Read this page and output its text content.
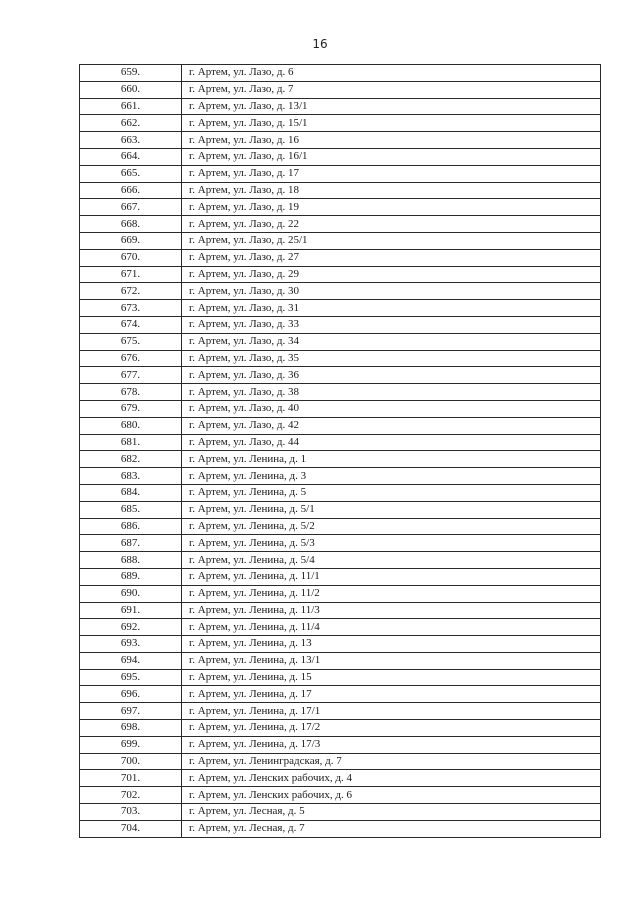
16
659.	г. Артем, ул. Лазо, д. 6
660.	г. Артем, ул. Лазо, д. 7
661.	г. Артем, ул. Лазо, д. 13/1
662.	г. Артем, ул. Лазо, д. 15/1
663.	г. Артем, ул. Лазо, д. 16
664.	г. Артем, ул. Лазо, д. 16/1
665.	г. Артем, ул. Лазо, д. 17
666.	г. Артем, ул. Лазо, д. 18
667.	г. Артем, ул. Лазо, д. 19
668.	г. Артем, ул. Лазо, д. 22
669.	г. Артем, ул. Лазо, д. 25/1
670.	г. Артем, ул. Лазо, д. 27
671.	г. Артем, ул. Лазо, д. 29
672.	г. Артем, ул. Лазо, д. 30
673.	г. Артем, ул. Лазо, д. 31
674.	г. Артем, ул. Лазо, д. 33
675.	г. Артем, ул. Лазо, д. 34
676.	г. Артем, ул. Лазо, д. 35
677.	г. Артем, ул. Лазо, д. 36
678.	г. Артем, ул. Лазо, д. 38
679.	г. Артем, ул. Лазо, д. 40
680.	г. Артем, ул. Лазо, д. 42
681.	г. Артем, ул. Лазо, д. 44
682.	г. Артем, ул. Ленина, д. 1
683.	г. Артем, ул. Ленина, д. 3
684.	г. Артем, ул. Ленина, д. 5
685.	г. Артем, ул. Ленина, д. 5/1
686.	г. Артем, ул. Ленина, д. 5/2
687.	г. Артем, ул. Ленина, д. 5/3
688.	г. Артем, ул. Ленина, д. 5/4
689.	г. Артем, ул. Ленина, д. 11/1
690.	г. Артем, ул. Ленина, д. 11/2
691.	г. Артем, ул. Ленина, д. 11/3
692.	г. Артем, ул. Ленина, д. 11/4
693.	г. Артем, ул. Ленина, д. 13
694.	г. Артем, ул. Ленина, д. 13/1
695.	г. Артем, ул. Ленина, д. 15
696.	г. Артем, ул. Ленина, д. 17
697.	г. Артем, ул. Ленина, д. 17/1
698.	г. Артем, ул. Ленина, д. 17/2
699.	г. Артем, ул. Ленина, д. 17/3
700.	г. Артем, ул. Ленинградская, д. 7
701.	г. Артем, ул. Ленских рабочих, д. 4
702.	г. Артем, ул. Ленских рабочих, д. 6
703.	г. Артем, ул. Лесная, д. 5
704.	г. Артем, ул. Лесная, д. 7
